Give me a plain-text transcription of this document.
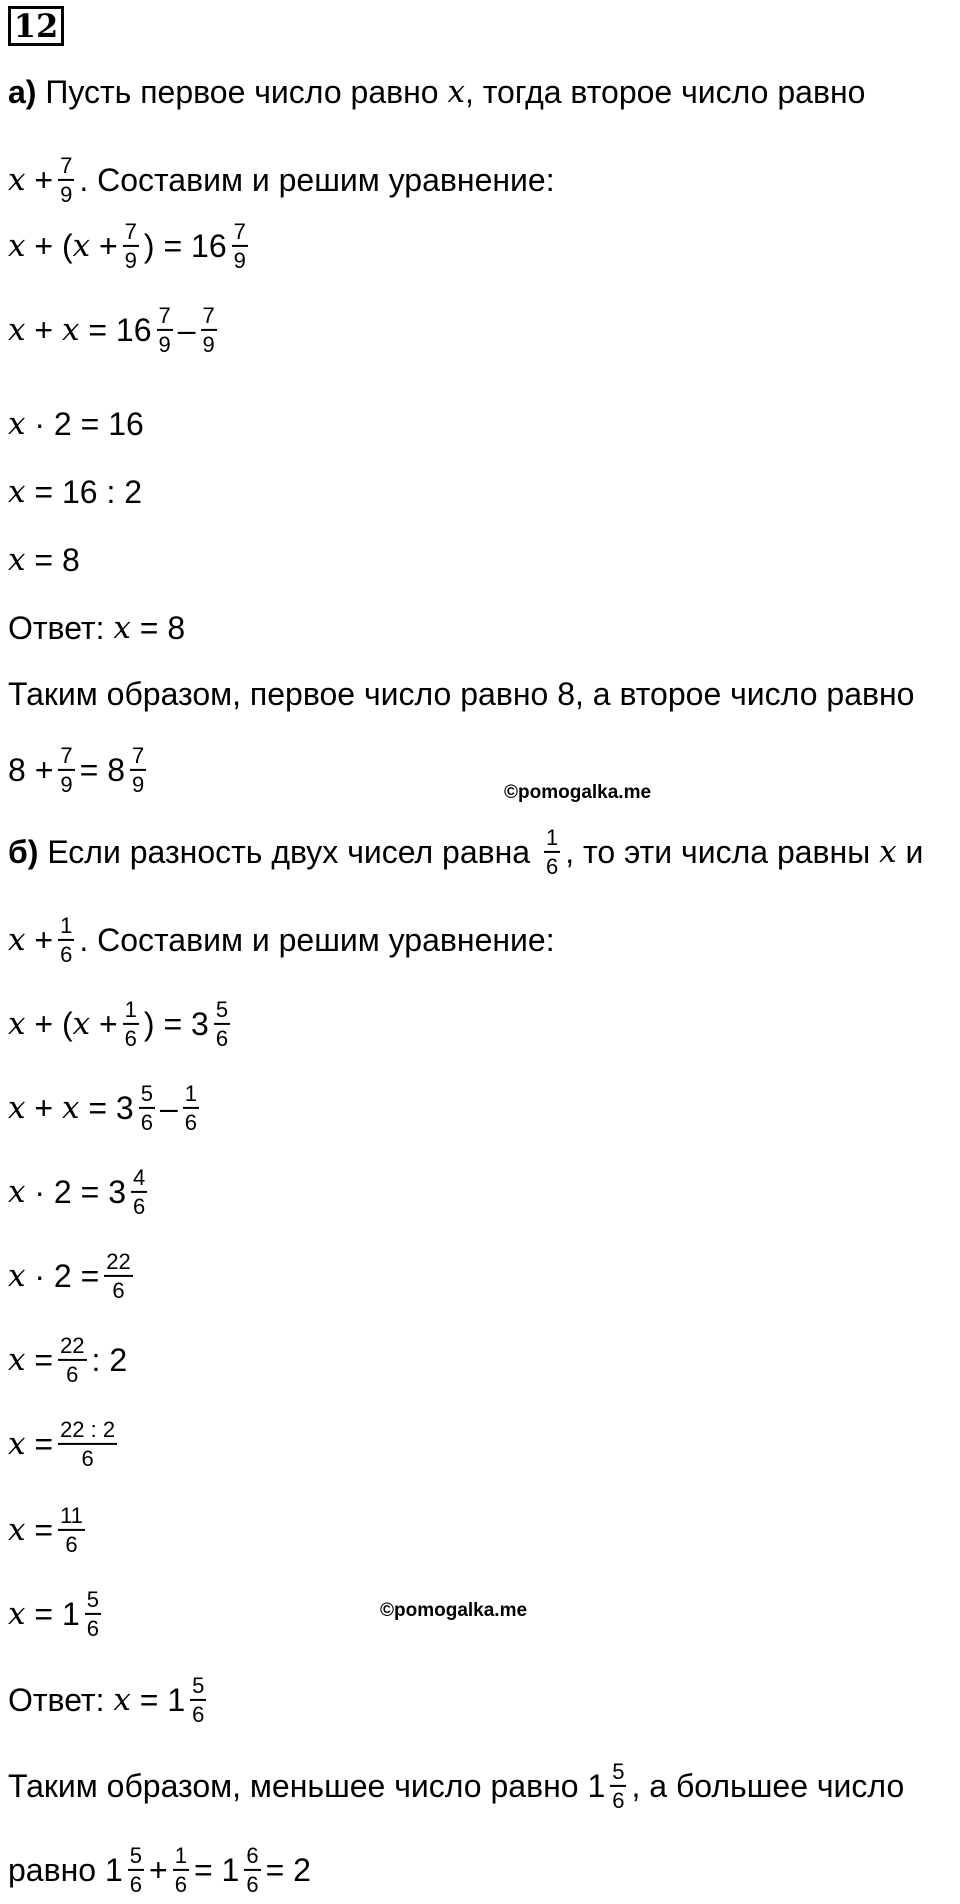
12
а) Пусть первое число равно x , тогда второе число равно
$x + \frac{7}{9}$ . Составим и решим уравнение:
x + ( $x + \frac{7}{9}$ ) = $16 \frac{7}{9}$
$x + x = 16 \frac{7}{9} - \frac{7}{9}$
x · 2 = 16
x = 16 : 2
x = 8
Ответ: x = 8
Таким образом, первое число равно 8, а второе число равно
$8 + \frac{7}{9} = 8 \frac{7}{9}$	©pomogalka.me
б) Если разность двух чисел равна $\frac{1}{6}$ , то эти числа равны x и
$x + \frac{1}{6}$ . Составим и решим уравнение:
x + ( $x + \frac{1}{6}$ ) = $3 \frac{5}{6}$
$x + x = 3 \frac{5}{6} - \frac{1}{6}$
$x \cdot 2 = 3 \frac{4}{6}$
$x \cdot 2 = \frac{22}{6}$
$x = \frac{22}{6}$ : 2
$x = \frac{22 : 2}{6}$
$x = \frac{11}{6}$
$x = 1 \frac{5}{6}$	©pomogalka.me
Ответ: $x = 1 \frac{5}{6}$
Таким образом, меньшее число равно $1 \frac{5}{6}$ , а большее число
равно $1 \frac{5}{6} + \frac{1}{6} = 1 \frac{6}{6} = 2$
